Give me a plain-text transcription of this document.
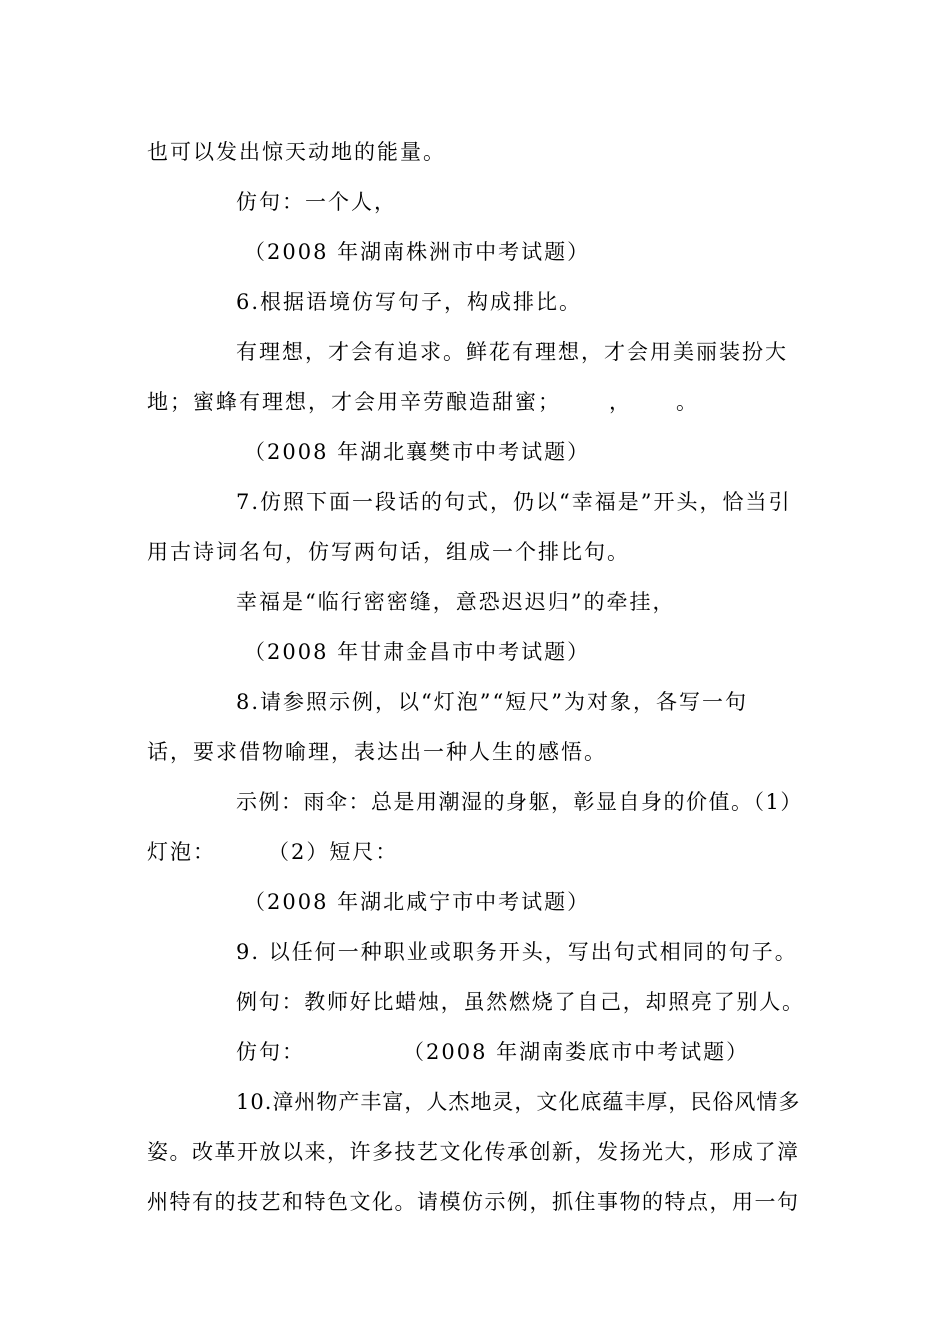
也可以发出惊天动地的能量。
仿句：一个人，
（2008 年湖南株洲市中考试题）
6.根据语境仿写句子，构成排比。
有理想，才会有追求。鲜花有理想，才会用美丽装扮大
地；蜜蜂有理想，才会用辛劳酿造甜蜜； ， 。
（2008 年湖北襄樊市中考试题）
7.仿照下面一段话的句式，仍以“幸福是”开头，恰当引
用古诗词名句，仿写两句话，组成一个排比句。
幸福是“临行密密缝，意恐迟迟归”的牵挂，
（2008 年甘肃金昌市中考试题）
8.请参照示例，以“灯泡”“短尺”为对象，各写一句
话，要求借物喻理，表达出一种人生的感悟。
示例：雨伞：总是用潮湿的身躯，彰显自身的价值。（1）
灯泡： （2）短尺：
（2008 年湖北咸宁市中考试题）
9. 以任何一种职业或职务开头，写出句式相同的句子。
例句：教师好比蜡烛，虽然燃烧了自己，却照亮了别人。
仿句：	（2008 年湖南娄底市中考试题）
10.漳州物产丰富，人杰地灵，文化底蕴丰厚，民俗风情多
姿。改革开放以来，许多技艺文化传承创新，发扬光大，形成了漳
州特有的技艺和特色文化。请模仿示例，抓住事物的特点，用一句
